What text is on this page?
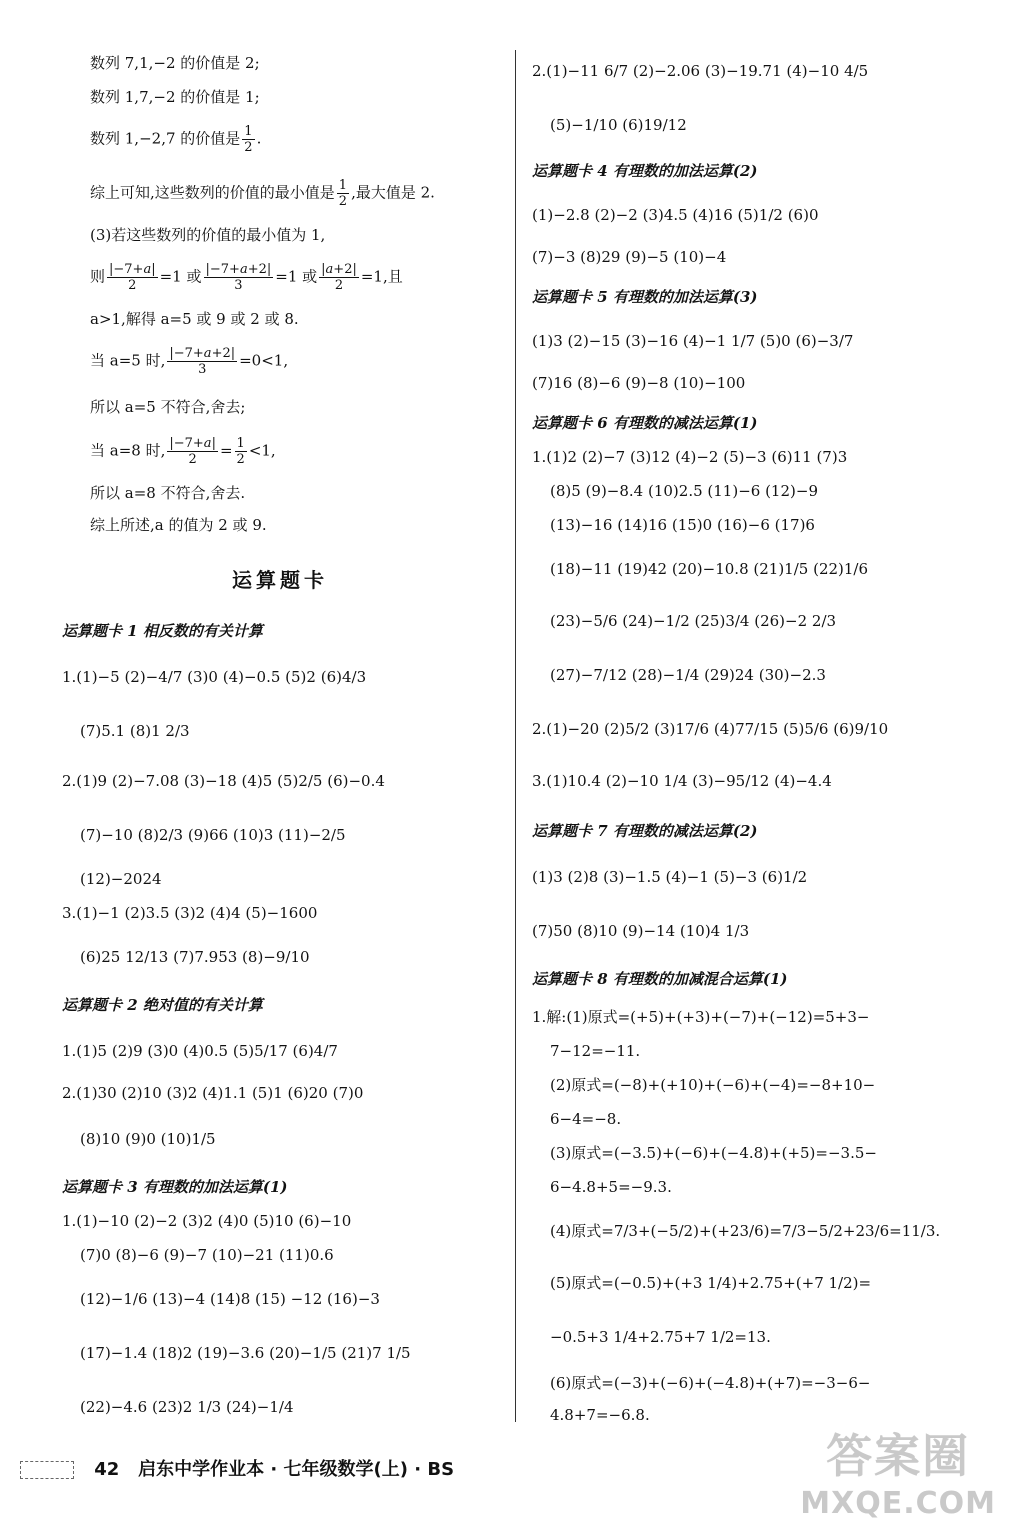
数列 7,1,−2 的价值是 2;
数列 1,7,−2 的价值是 1;
数列 1,−2,7 的价值是 $\frac{1}{2}$ .
综上可知,这些数列的价值的最小值是 $\frac{1}{2}$ ,最大值是 2.
(3)若这些数列的价值的最小值为 1,
则 $\frac{|-7+a|}{2} =1$ 或 $\frac{|-7+a+2|}{3} =1$ 或 $\frac{|a+2|}{2} =1$,且
a>1,解得 a=5 或 9 或 2 或 8.
当 a=5 时, $\frac{|-7+a+2|}{3} =0<1$,
所以 a=5 不符合,舍去;
当 a=8 时, $\frac{|-7+a|}{2} = \frac{1}{2} <1$,
所以 a=8 不符合,舍去.
综上所述,a 的值为 2 或 9.
运算题卡
运算题卡 1 相反数的有关计算
1.(1)−5 (2)−4/7 (3)0 (4)−0.5 (5)2 (6)4/3
(7)5.1 (8)1 2/3
2.(1)9 (2)−7.08 (3)−18 (4)5 (5)2/5 (6)−0.4
(7)−10 (8)2/3 (9)66 (10)3 (11)−2/5
(12)−2024
3.(1)−1 (2)3.5 (3)2 (4)4 (5)−1600
(6)25 12/13 (7)7.953 (8)−9/10
运算题卡 2 绝对值的有关计算
1.(1)5 (2)9 (3)0 (4)0.5 (5)5/17 (6)4/7
2.(1)30 (2)10 (3)2 (4)1.1 (5)1 (6)20 (7)0
(8)10 (9)0 (10)1/5
运算题卡 3 有理数的加法运算(1)
1.(1)−10 (2)−2 (3)2 (4)0 (5)10 (6)−10
(7)0 (8)−6 (9)−7 (10)−21 (11)0.6
(12)−1/6 (13)−4 (14)8 (15) −12 (16)−3
(17)−1.4 (18)2 (19)−3.6 (20)−1/5 (21)7 1/5
(22)−4.6 (23)2 1/3 (24)−1/4
2.(1)−11 6/7 (2)−2.06 (3)−19.71 (4)−10 4/5
(5)−1/10 (6)19/12
运算题卡 4 有理数的加法运算(2)
(1)−2.8 (2)−2 (3)4.5 (4)16 (5)1/2 (6)0
(7)−3 (8)29 (9)−5 (10)−4
运算题卡 5 有理数的加法运算(3)
(1)3 (2)−15 (3)−16 (4)−1 1/7 (5)0 (6)−3/7
(7)16 (8)−6 (9)−8 (10)−100
运算题卡 6 有理数的减法运算(1)
1.(1)2 (2)−7 (3)12 (4)−2 (5)−3 (6)11 (7)3
(8)5 (9)−8.4 (10)2.5 (11)−6 (12)−9
(13)−16 (14)16 (15)0 (16)−6 (17)6
(18)−11 (19)42 (20)−10.8 (21)1/5 (22)1/6
(23)−5/6 (24)−1/2 (25)3/4 (26)−2 2/3
(27)−7/12 (28)−1/4 (29)24 (30)−2.3
2.(1)−20 (2)5/2 (3)17/6 (4)77/15 (5)5/6 (6)9/10
3.(1)10.4 (2)−10 1/4 (3)−95/12 (4)−4.4
运算题卡 7 有理数的减法运算(2)
(1)3 (2)8 (3)−1.5 (4)−1 (5)−3 (6)1/2
(7)50 (8)10 (9)−14 (10)4 1/3
运算题卡 8 有理数的加减混合运算(1)
1.解:(1)原式=(+5)+(+3)+(−7)+(−12)=5+3−
7−12=−11.
(2)原式=(−8)+(+10)+(−6)+(−4)=−8+10−
6−4=−8.
(3)原式=(−3.5)+(−6)+(−4.8)+(+5)=−3.5−
6−4.8+5=−9.3.
(4)原式=7/3+(−5/2)+(+23/6)=7/3−5/2+23/6=11/3.
(5)原式=(−0.5)+(+3 1/4)+2.75+(+7 1/2)=
−0.5+3 1/4+2.75+7 1/2=13.
(6)原式=(−3)+(−6)+(−4.8)+(+7)=−3−6−
4.8+7=−6.8.
42 启东中学作业本 · 七年级数学(上) · BS	答案圈
MXQE.COM
